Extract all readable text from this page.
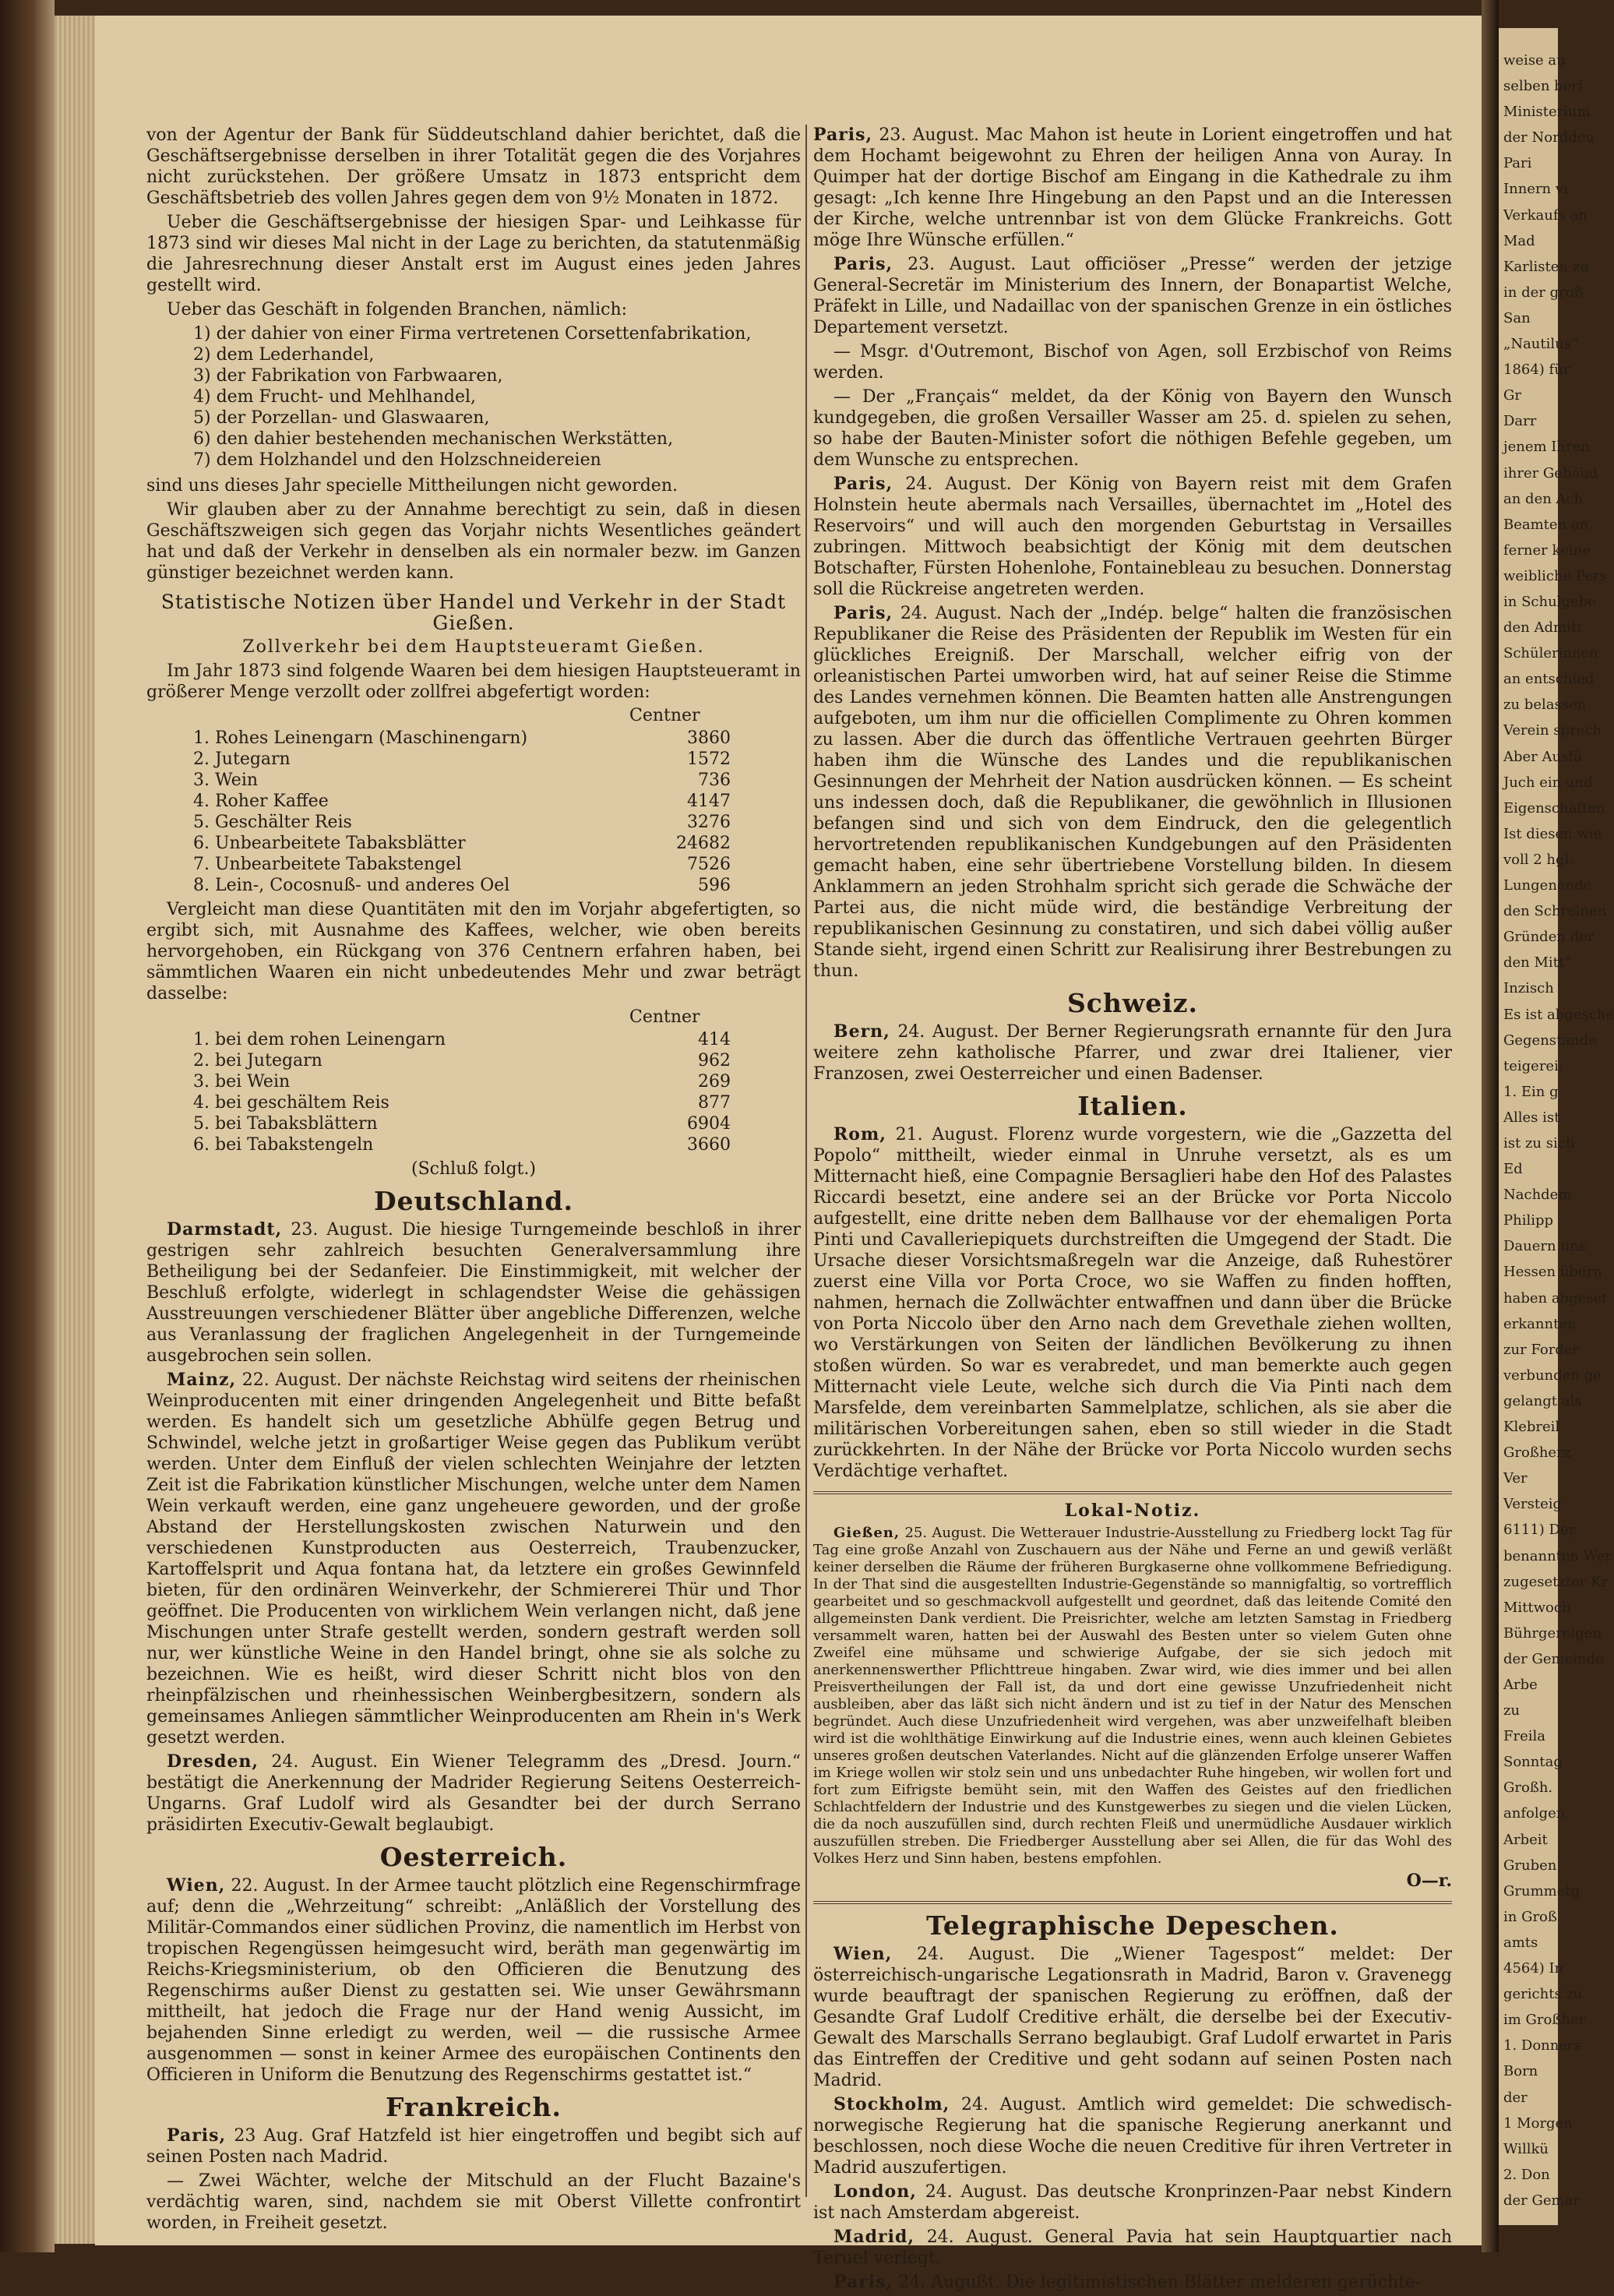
von der Agentur der Bank für Süddeutschland dahier berichtet, daß die Geschäftsergebnisse derselben in ihrer Totalität gegen die des Vorjahres nicht zurückstehen. Der größere Umsatz in 1873 entspricht dem Geschäftsbetrieb des vollen Jahres gegen dem von 9½ Monaten in 1872.

Ueber die Geschäftsergebnisse der hiesigen Spar- und Leihkasse für 1873 sind wir dieses Mal nicht in der Lage zu berichten, da statutenmäßig die Jahresrechnung dieser Anstalt erst im August eines jeden Jahres gestellt wird.

Ueber das Geschäft in folgenden Branchen, nämlich:

1) der dahier von einer Firma vertretenen Corsettenfabrikation,
2) dem Lederhandel,
3) der Fabrikation von Farbwaaren,
4) dem Frucht- und Mehlhandel,
5) der Porzellan- und Glaswaaren,
6) den dahier bestehenden mechanischen Werkstätten,
7) dem Holzhandel und den Holzschneidereien

sind uns dieses Jahr specielle Mittheilungen nicht geworden.

Wir glauben aber zu der Annahme berechtigt zu sein, daß in diesen Geschäftszweigen sich gegen das Vorjahr nichts Wesentliches geändert hat und daß der Verkehr in denselben als ein normaler bezw. im Ganzen günstiger bezeichnet werden kann.

Statistische Notizen über Handel und Verkehr in der Stadt Gießen.
Zollverkehr bei dem Hauptsteueramt Gießen.

Im Jahr 1873 sind folgende Waaren bei dem hiesigen Hauptsteueramt in größerer Menge verzollt oder zollfrei abgefertigt worden:

Centner
1. Rohes Leinengarn (Maschinengarn)	3860
2. Jutegarn	1572
3. Wein	736
4. Roher Kaffee	4147
5. Geschälter Reis	3276
6. Unbearbeitete Tabaksblätter	24682
7. Unbearbeitete Tabakstengel	7526
8. Lein-, Cocosnuß- und anderes Oel	596

Vergleicht man diese Quantitäten mit den im Vorjahr abgefertigten, so ergibt sich, mit Ausnahme des Kaffees, welcher, wie oben bereits hervorgehoben, ein Rückgang von 376 Centnern erfahren haben, bei sämmtlichen Waaren ein nicht unbedeutendes Mehr und zwar beträgt dasselbe:

Centner
1. bei dem rohen Leinengarn	414
2. bei Jutegarn	962
3. bei Wein	269
4. bei geschältem Reis	877
5. bei Tabaksblättern	6904
6. bei Tabakstengeln	3660
(Schluß folgt.)
Deutschland.

Darmstadt, 23. August. Die hiesige Turngemeinde beschloß in ihrer gestrigen sehr zahlreich besuchten Generalversammlung ihre Betheiligung bei der Sedanfeier. Die Einstimmigkeit, mit welcher der Beschluß erfolgte, widerlegt in schlagendster Weise die gehässigen Ausstreuungen verschiedener Blätter über angebliche Differenzen, welche aus Veranlassung der fraglichen Angelegenheit in der Turngemeinde ausgebrochen sein sollen.

Mainz, 22. August. Der nächste Reichstag wird seitens der rheinischen Weinproducenten mit einer dringenden Angelegenheit und Bitte befaßt werden. Es handelt sich um gesetzliche Abhülfe gegen Betrug und Schwindel, welche jetzt in großartiger Weise gegen das Publikum verübt werden. Unter dem Einfluß der vielen schlechten Weinjahre der letzten Zeit ist die Fabrikation künstlicher Mischungen, welche unter dem Namen Wein verkauft werden, eine ganz ungeheuere geworden, und der große Abstand der Herstellungskosten zwischen Naturwein und den verschiedenen Kunstproducten aus Oesterreich, Traubenzucker, Kartoffelsprit und Aqua fontana hat, da letztere ein großes Gewinnfeld bieten, für den ordinären Weinverkehr, der Schmiererei Thür und Thor geöffnet. Die Producenten von wirklichem Wein verlangen nicht, daß jene Mischungen unter Strafe gestellt werden, sondern gestraft werden soll nur, wer künstliche Weine in den Handel bringt, ohne sie als solche zu bezeichnen. Wie es heißt, wird dieser Schritt nicht blos von den rheinpfälzischen und rheinhessischen Weinbergbesitzern, sondern als gemeinsames Anliegen sämmtlicher Weinproducenten am Rhein in's Werk gesetzt werden.

Dresden, 24. August. Ein Wiener Telegramm des „Dresd. Journ.“ bestätigt die Anerkennung der Madrider Regierung Seitens Oesterreich-Ungarns. Graf Ludolf wird als Gesandter bei der durch Serrano präsidirten Executiv-Gewalt beglaubigt.

Oesterreich.

Wien, 22. August. In der Armee taucht plötzlich eine Regenschirmfrage auf; denn die „Wehrzeitung“ schreibt: „Anläßlich der Vorstellung des Militär-Commandos einer südlichen Provinz, die namentlich im Herbst von tropischen Regengüssen heimgesucht wird, beräth man gegenwärtig im Reichs-Kriegsministerium, ob den Officieren die Benutzung des Regenschirms außer Dienst zu gestatten sei. Wie unser Gewährsmann mittheilt, hat jedoch die Frage nur der Hand wenig Aussicht, im bejahenden Sinne erledigt zu werden, weil — die russische Armee ausgenommen — sonst in keiner Armee des europäischen Continents den Officieren in Uniform die Benutzung des Regenschirms gestattet ist.“

Frankreich.

Paris, 23 Aug. Graf Hatzfeld ist hier eingetroffen und begibt sich auf seinen Posten nach Madrid.

— Zwei Wächter, welche der Mitschuld an der Flucht Bazaine's verdächtig waren, sind, nachdem sie mit Oberst Villette confrontirt worden, in Freiheit gesetzt.

Paris, 23. August. Mac Mahon ist heute in Lorient eingetroffen und hat dem Hochamt beigewohnt zu Ehren der heiligen Anna von Auray. In Quimper hat der dortige Bischof am Eingang in die Kathedrale zu ihm gesagt: „Ich kenne Ihre Hingebung an den Papst und an die Interessen der Kirche, welche untrennbar ist von dem Glücke Frankreichs. Gott möge Ihre Wünsche erfüllen.“

Paris, 23. August. Laut officiöser „Presse“ werden der jetzige General-Secretär im Ministerium des Innern, der Bonapartist Welche, Präfekt in Lille, und Nadaillac von der spanischen Grenze in ein östliches Departement versetzt.

— Msgr. d'Outremont, Bischof von Agen, soll Erzbischof von Reims werden.

— Der „Français“ meldet, da der König von Bayern den Wunsch kundgegeben, die großen Versailler Wasser am 25. d. spielen zu sehen, so habe der Bauten-Minister sofort die nöthigen Befehle gegeben, um dem Wunsche zu entsprechen.

Paris, 24. August. Der König von Bayern reist mit dem Grafen Holnstein heute abermals nach Versailles, übernachtet im „Hotel des Reservoirs“ und will auch den morgenden Geburtstag in Versailles zubringen. Mittwoch beabsichtigt der König mit dem deutschen Botschafter, Fürsten Hohenlohe, Fontainebleau zu besuchen. Donnerstag soll die Rückreise angetreten werden.

Paris, 24. August. Nach der „Indép. belge“ halten die französischen Republikaner die Reise des Präsidenten der Republik im Westen für ein glückliches Ereigniß. Der Marschall, welcher eifrig von der orleanistischen Partei umworben wird, hat auf seiner Reise die Stimme des Landes vernehmen können. Die Beamten hatten alle Anstrengungen aufgeboten, um ihm nur die officiellen Complimente zu Ohren kommen zu lassen. Aber die durch das öffentliche Vertrauen geehrten Bürger haben ihm die Wünsche des Landes und die republikanischen Gesinnungen der Mehrheit der Nation ausdrücken können. — Es scheint uns indessen doch, daß die Republikaner, die gewöhnlich in Illusionen befangen sind und sich von dem Eindruck, den die gelegentlich hervortretenden republikanischen Kundgebungen auf den Präsidenten gemacht haben, eine sehr übertriebene Vorstellung bilden. In diesem Anklammern an jeden Strohhalm spricht sich gerade die Schwäche der Partei aus, die nicht müde wird, die beständige Verbreitung der republikanischen Gesinnung zu constatiren, und sich dabei völlig außer Stande sieht, irgend einen Schritt zur Realisirung ihrer Bestrebungen zu thun.

Schweiz.

Bern, 24. August. Der Berner Regierungsrath ernannte für den Jura weitere zehn katholische Pfarrer, und zwar drei Italiener, vier Franzosen, zwei Oesterreicher und einen Badenser.

Italien.

Rom, 21. August. Florenz wurde vorgestern, wie die „Gazzetta del Popolo“ mittheilt, wieder einmal in Unruhe versetzt, als es um Mitternacht hieß, eine Compagnie Bersaglieri habe den Hof des Palastes Riccardi besetzt, eine andere sei an der Brücke vor Porta Niccolo aufgestellt, eine dritte neben dem Ballhause vor der ehemaligen Porta Pinti und Cavalleriepiquets durchstreiften die Umgegend der Stadt. Die Ursache dieser Vorsichtsmaßregeln war die Anzeige, daß Ruhestörer zuerst eine Villa vor Porta Croce, wo sie Waffen zu finden hofften, nahmen, hernach die Zollwächter entwaffnen und dann über die Brücke von Porta Niccolo über den Arno nach dem Grevethale ziehen wollten, wo Verstärkungen von Seiten der ländlichen Bevölkerung zu ihnen stoßen würden. So war es verabredet, und man bemerkte auch gegen Mitternacht viele Leute, welche sich durch die Via Pinti nach dem Marsfelde, dem vereinbarten Sammelplatze, schlichen, als sie aber die militärischen Vorbereitungen sahen, eben so still wieder in die Stadt zurückkehrten. In der Nähe der Brücke vor Porta Niccolo wurden sechs Verdächtige verhaftet.

Lokal-Notiz.

Gießen, 25. August. Die Wetterauer Industrie-Ausstellung zu Friedberg lockt Tag für Tag eine große Anzahl von Zuschauern aus der Nähe und Ferne an und gewiß verläßt keiner derselben die Räume der früheren Burgkaserne ohne vollkommene Befriedigung. In der That sind die ausgestellten Industrie-Gegenstände so mannigfaltig, so vortrefflich gearbeitet und so geschmackvoll aufgestellt und geordnet, daß das leitende Comité den allgemeinsten Dank verdient. Die Preisrichter, welche am letzten Samstag in Friedberg versammelt waren, hatten bei der Auswahl des Besten unter so vielem Guten ohne Zweifel eine mühsame und schwierige Aufgabe, der sie sich jedoch mit anerkennenswerther Pflichttreue hingaben. Zwar wird, wie dies immer und bei allen Preisvertheilungen der Fall ist, da und dort eine gewisse Unzufriedenheit nicht ausbleiben, aber das läßt sich nicht ändern und ist zu tief in der Natur des Menschen begründet. Auch diese Unzufriedenheit wird vergehen, was aber unzweifelhaft bleiben wird ist die wohlthätige Einwirkung auf die Industrie eines, wenn auch kleinen Gebietes unseres großen deutschen Vaterlandes. Nicht auf die glänzenden Erfolge unserer Waffen im Kriege wollen wir stolz sein und uns unbedachter Ruhe hingeben, wir wollen fort und fort zum Eifrigste bemüht sein, mit den Waffen des Geistes auf den friedlichen Schlachtfeldern der Industrie und des Kunstgewerbes zu siegen und die vielen Lücken, die da noch auszufüllen sind, durch rechten Fleiß und unermüdliche Ausdauer wirklich auszufüllen streben. Die Friedberger Ausstellung aber sei Allen, die für das Wohl des Volkes Herz und Sinn haben, bestens empfohlen.

O—r.
Telegraphische Depeschen.

Wien, 24. August. Die „Wiener Tagespost“ meldet: Der österreichisch-ungarische Legationsrath in Madrid, Baron v. Gravenegg wurde beauftragt der spanischen Regierung zu eröffnen, daß der Gesandte Graf Ludolf Creditive erhält, die derselbe bei der Executiv-Gewalt des Marschalls Serrano beglaubigt. Graf Ludolf erwartet in Paris das Eintreffen der Creditive und geht sodann auf seinen Posten nach Madrid.

Stockholm, 24. August. Amtlich wird gemeldet: Die schwedisch-norwegische Regierung hat die spanische Regierung anerkannt und beschlossen, noch diese Woche die neuen Creditive für ihren Vertreter in Madrid auszufertigen.

London, 24. August. Das deutsche Kronprinzen-Paar nebst Kindern ist nach Amsterdam abgereist.

Madrid, 24. August. General Pavia hat sein Hauptquartier nach Teruel verlegt.

Paris, 24. Augußt. Die legitimistischen Blätter melderen gerüchte-

weise au
selben beri
Ministerium
der Norddeu
Pari
Innern vi
Verkaufs an
Mad
Karlisten zu
in der groß
San
„Nautilus“
1864) für
Gr
Darr
jenem Ihren
ihrer Gebäud
an den Ach
Beamten an
ferner keine
weibliche Pers
in Schulgebe
den Admitt
Schülerinnen
an entschied
zu belassen
Verein sprech
Aber Ausfü
Juch ein und
Eigenschaften
Ist diesen wie
voll 2 hgl.
Lungenende
den Schreinen
Gründen der
den Mitt“
Inzisch
Es ist abgesche
Gegenstande
teigerei:
1. Ein g
Alles ist
ist zu sich
Ed
Nachdem
Philipp
Dauern uns
Hessen übern
haben abgeset
erkannten
zur Forder
verbunden ge
gelangt als
Klebreil
Großherz
Ver
Versteig
6111) Der
benannten Wer
zugesetzter Kr
Mittwoch
Bührgereigen
der Gemeinde
Arbe
zu
Freila
Sonntag
Großh.
anfolgen
Arbeit
Gruben
Grummetg
in Groß
amts
4564) In
gerichts zu
im Großher
1. Donners
Born
der
1 Morgen
Willkü
2. Don
der Gemar
